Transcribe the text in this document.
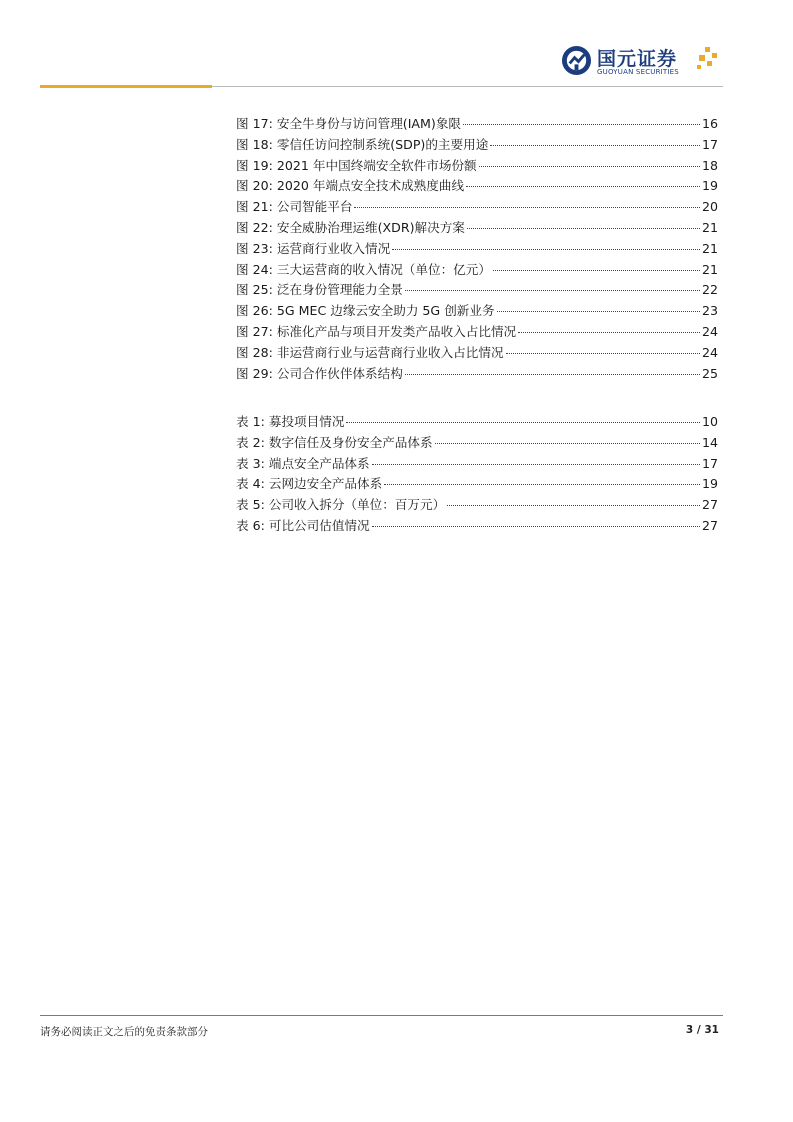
国元证券
GUOYUAN SECURITIES
图 17: 安全牛身份与访问管理(IAM)象限	16
图 18: 零信任访问控制系统(SDP)的主要用途	17
图 19: 2021 年中国终端安全软件市场份额	18
图 20: 2020 年端点安全技术成熟度曲线	19
图 21: 公司智能平台	20
图 22: 安全威胁治理运维(XDR)解决方案	21
图 23: 运营商行业收入情况	21
图 24: 三大运营商的收入情况（单位：亿元）	21
图 25: 泛在身份管理能力全景	22
图 26: 5G MEC 边缘云安全助力 5G 创新业务	23
图 27: 标准化产品与项目开发类产品收入占比情况	24
图 28: 非运营商行业与运营商行业收入占比情况	24
图 29: 公司合作伙伴体系结构	25
表 1: 募投项目情况	10
表 2: 数字信任及身份安全产品体系	14
表 3: 端点安全产品体系	17
表 4: 云网边安全产品体系	19
表 5: 公司收入拆分（单位：百万元）	27
表 6: 可比公司估值情况	27
请务必阅读正文之后的免责条款部分	3 / 31
